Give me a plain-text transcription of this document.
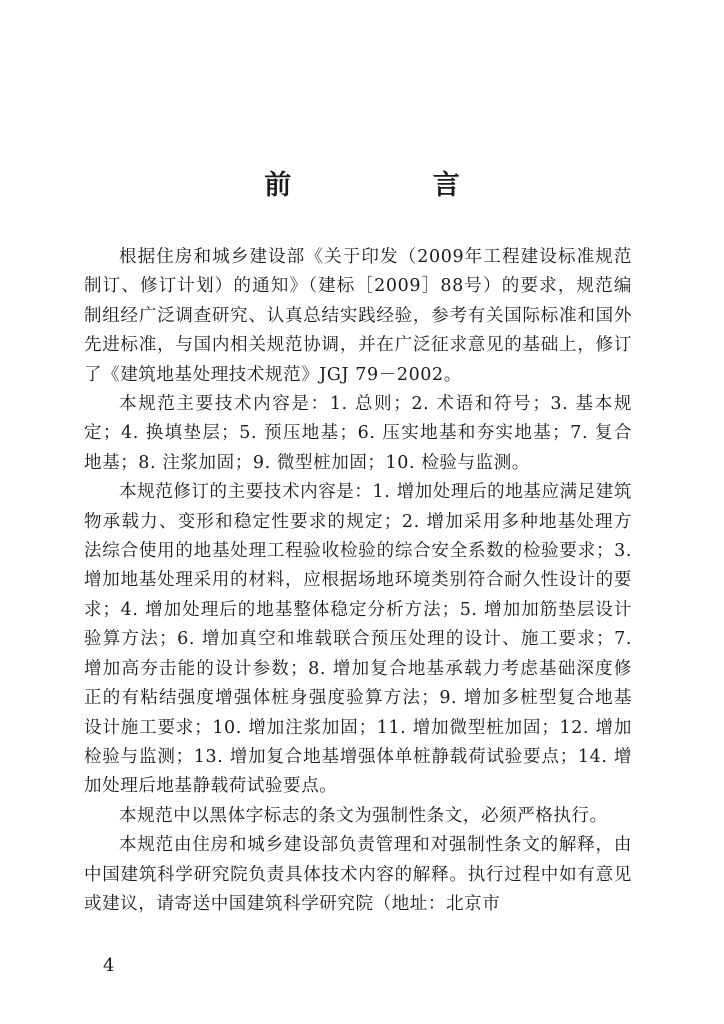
前 言

根据住房和城乡建设部《关于印发（2009年工程建设标准规范制订、修订计划）的通知》（建标［2009］88号）的要求，规范编制组经广泛调查研究、认真总结实践经验，参考有关国际标准和国外先进标准，与国内相关规范协调，并在广泛征求意见的基础上，修订了《建筑地基处理技术规范》JGJ 79－2002。

本规范主要技术内容是：1. 总则；2. 术语和符号；3. 基本规定；4. 换填垫层；5. 预压地基；6. 压实地基和夯实地基；7. 复合地基；8. 注浆加固；9. 微型桩加固；10. 检验与监测。

本规范修订的主要技术内容是：1. 增加处理后的地基应满足建筑物承载力、变形和稳定性要求的规定；2. 增加采用多种地基处理方法综合使用的地基处理工程验收检验的综合安全系数的检验要求；3. 增加地基处理采用的材料，应根据场地环境类别符合耐久性设计的要求；4. 增加处理后的地基整体稳定分析方法；5. 增加加筋垫层设计验算方法；6. 增加真空和堆载联合预压处理的设计、施工要求；7. 增加高夯击能的设计参数；8. 增加复合地基承载力考虑基础深度修正的有粘结强度增强体桩身强度验算方法；9. 增加多桩型复合地基设计施工要求；10. 增加注浆加固；11. 增加微型桩加固；12. 增加检验与监测；13. 增加复合地基增强体单桩静载荷试验要点；14. 增加处理后地基静载荷试验要点。

本规范中以黑体字标志的条文为强制性条文，必须严格执行。

本规范由住房和城乡建设部负责管理和对强制性条文的解释，由中国建筑科学研究院负责具体技术内容的解释。执行过程中如有意见或建议，请寄送中国建筑科学研究院（地址：北京市

4
